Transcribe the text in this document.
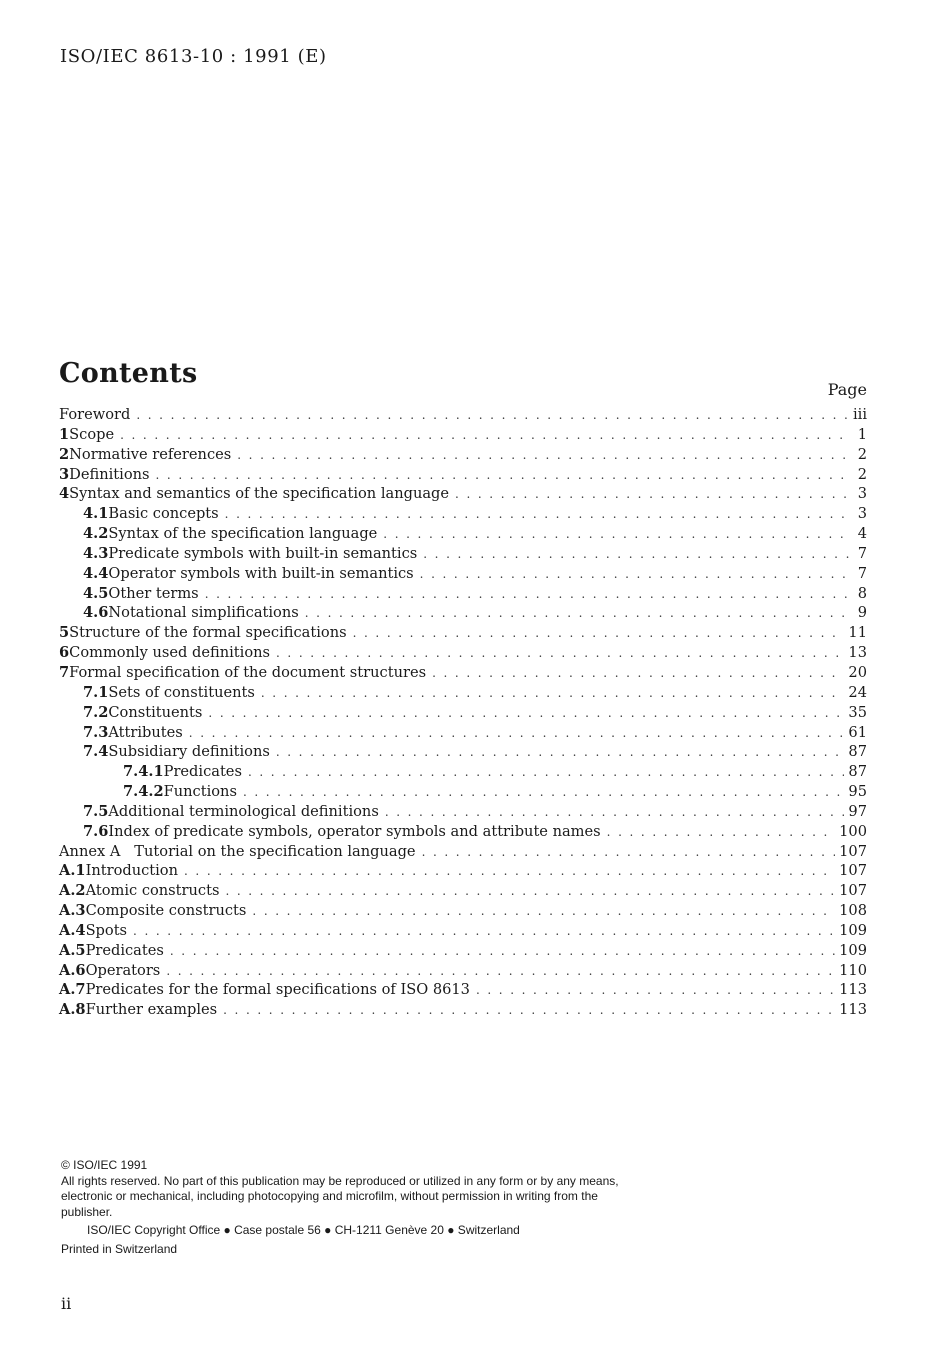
ISO/IEC 8613-10 : 1991 (E)
Contents
Page
Foreword .....	iii
1 Scope .....	1
2 Normative references .....	2
3 Definitions .....	2
4 Syntax and semantics of the specification language .....	3
4.1 Basic concepts .....	3
4.2 Syntax of the specification language .....	4
4.3 Predicate symbols with built-in semantics .....	7
4.4 Operator symbols with built-in semantics .....	7
4.5 Other terms .....	8
4.6 Notational simplifications .....	9
5 Structure of the formal specifications .....	11
6 Commonly used definitions .....	13
7 Formal specification of the document structures .....	20
7.1 Sets of constituents .....	24
7.2 Constituents .....	35
7.3 Attributes .....	61
7.4 Subsidiary definitions .....	87
7.4.1 Predicates .....	87
7.4.2 Functions .....	95
7.5 Additional terminological definitions .....	97
7.6 Index of predicate symbols, operator symbols and attribute names .....	100
Annex A   Tutorial on the specification language .....	107
A.1 Introduction .....	107
A.2 Atomic constructs .....	107
A.3 Composite constructs .....	108
A.4 Spots .....	109
A.5 Predicates .....	109
A.6 Operators .....	110
A.7 Predicates for the formal specifications of ISO 8613 .....	113
A.8 Further examples .....	113

© ISO/IEC 1991

All rights reserved. No part of this publication may be reproduced or utilized in any form or by any means, electronic or mechanical, including photocopying and microfilm, without permission in writing from the publisher.

ISO/IEC Copyright Office ● Case postale 56 ● CH-1211 Genève 20 ● Switzerland

Printed in Switzerland

ii
